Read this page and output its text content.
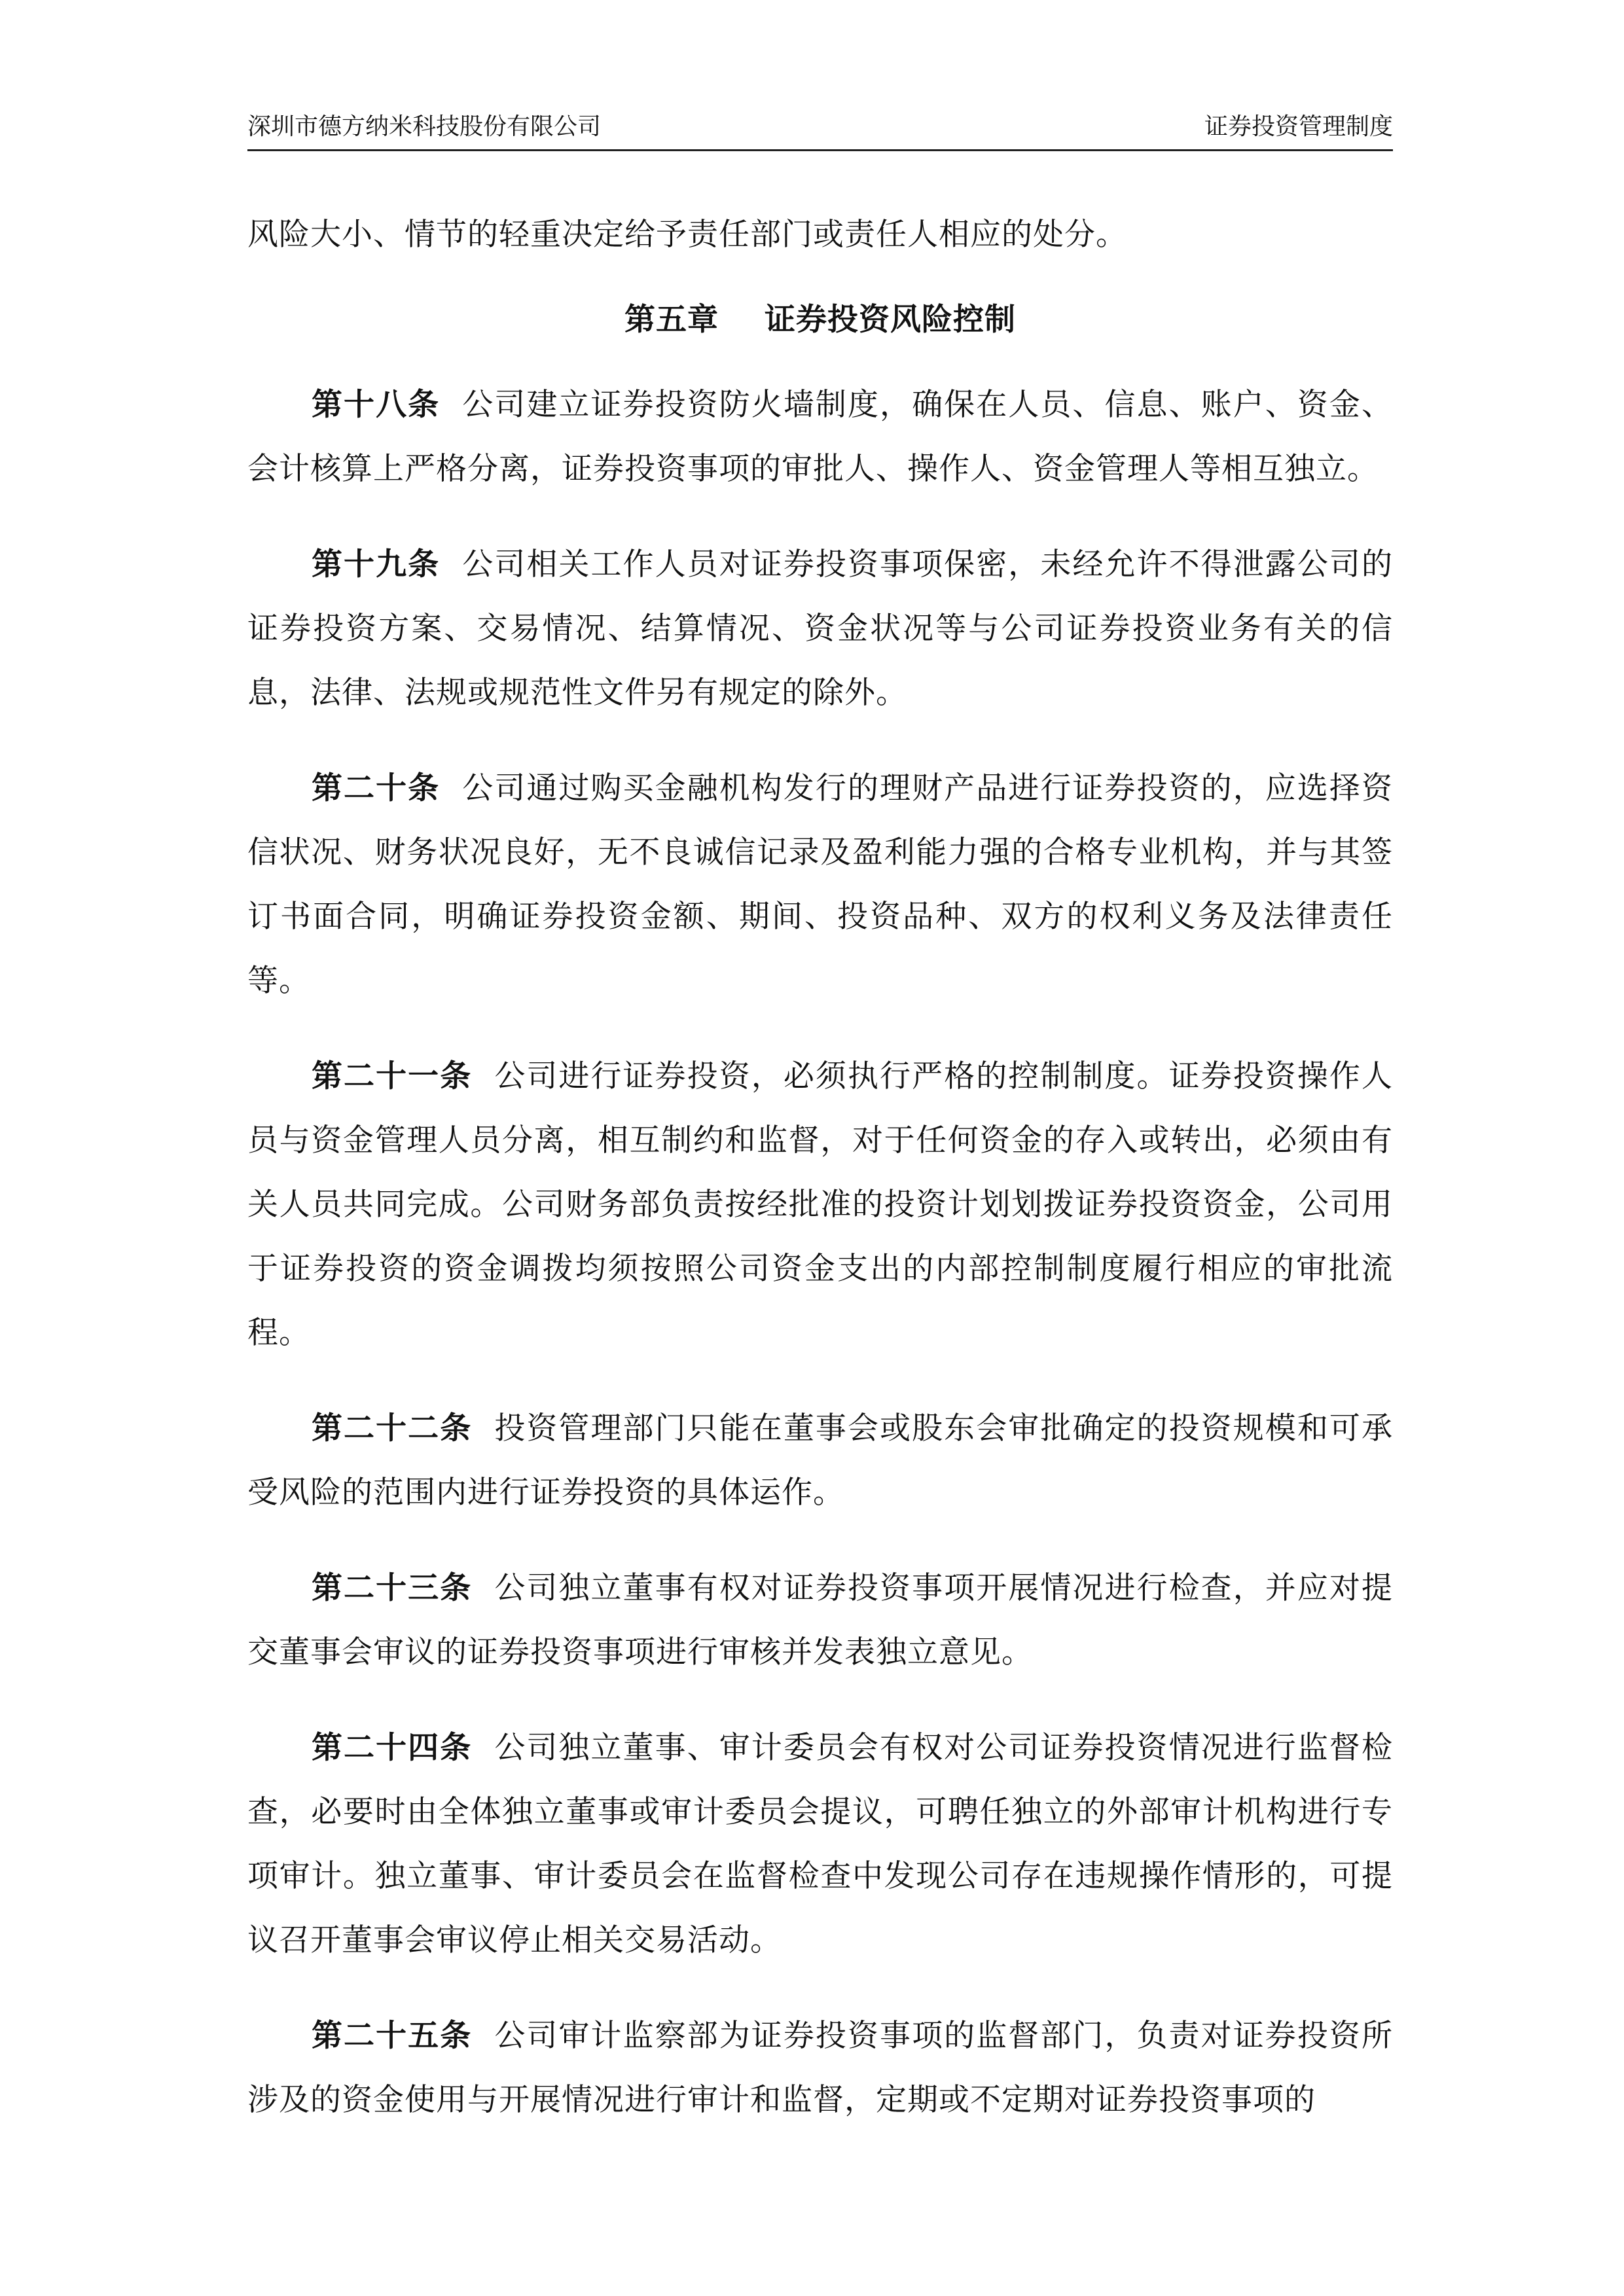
深圳市德方纳米科技股份有限公司	证券投资管理制度

风险大小、情节的轻重决定给予责任部门或责任人相应的处分。

第五章 证券投资风险控制

第十八条 公司建立证券投资防火墙制度，确保在人员、信息、账户、资金、会计核算上严格分离，证券投资事项的审批人、操作人、资金管理人等相互独立。

第十九条 公司相关工作人员对证券投资事项保密，未经允许不得泄露公司的证券投资方案、交易情况、结算情况、资金状况等与公司证券投资业务有关的信息，法律、法规或规范性文件另有规定的除外。

第二十条 公司通过购买金融机构发行的理财产品进行证券投资的，应选择资信状况、财务状况良好，无不良诚信记录及盈利能力强的合格专业机构，并与其签订书面合同，明确证券投资金额、期间、投资品种、双方的权利义务及法律责任等。

第二十一条 公司进行证券投资，必须执行严格的控制制度。证券投资操作人员与资金管理人员分离，相互制约和监督，对于任何资金的存入或转出，必须由有关人员共同完成。公司财务部负责按经批准的投资计划划拨证券投资资金，公司用于证券投资的资金调拨均须按照公司资金支出的内部控制制度履行相应的审批流程。

第二十二条 投资管理部门只能在董事会或股东会审批确定的投资规模和可承受风险的范围内进行证券投资的具体运作。

第二十三条 公司独立董事有权对证券投资事项开展情况进行检查，并应对提交董事会审议的证券投资事项进行审核并发表独立意见。

第二十四条 公司独立董事、审计委员会有权对公司证券投资情况进行监督检查，必要时由全体独立董事或审计委员会提议，可聘任独立的外部审计机构进行专项审计。独立董事、审计委员会在监督检查中发现公司存在违规操作情形的，可提议召开董事会审议停止相关交易活动。

第二十五条 公司审计监察部为证券投资事项的监督部门，负责对证券投资所涉及的资金使用与开展情况进行审计和监督，定期或不定期对证券投资事项的
